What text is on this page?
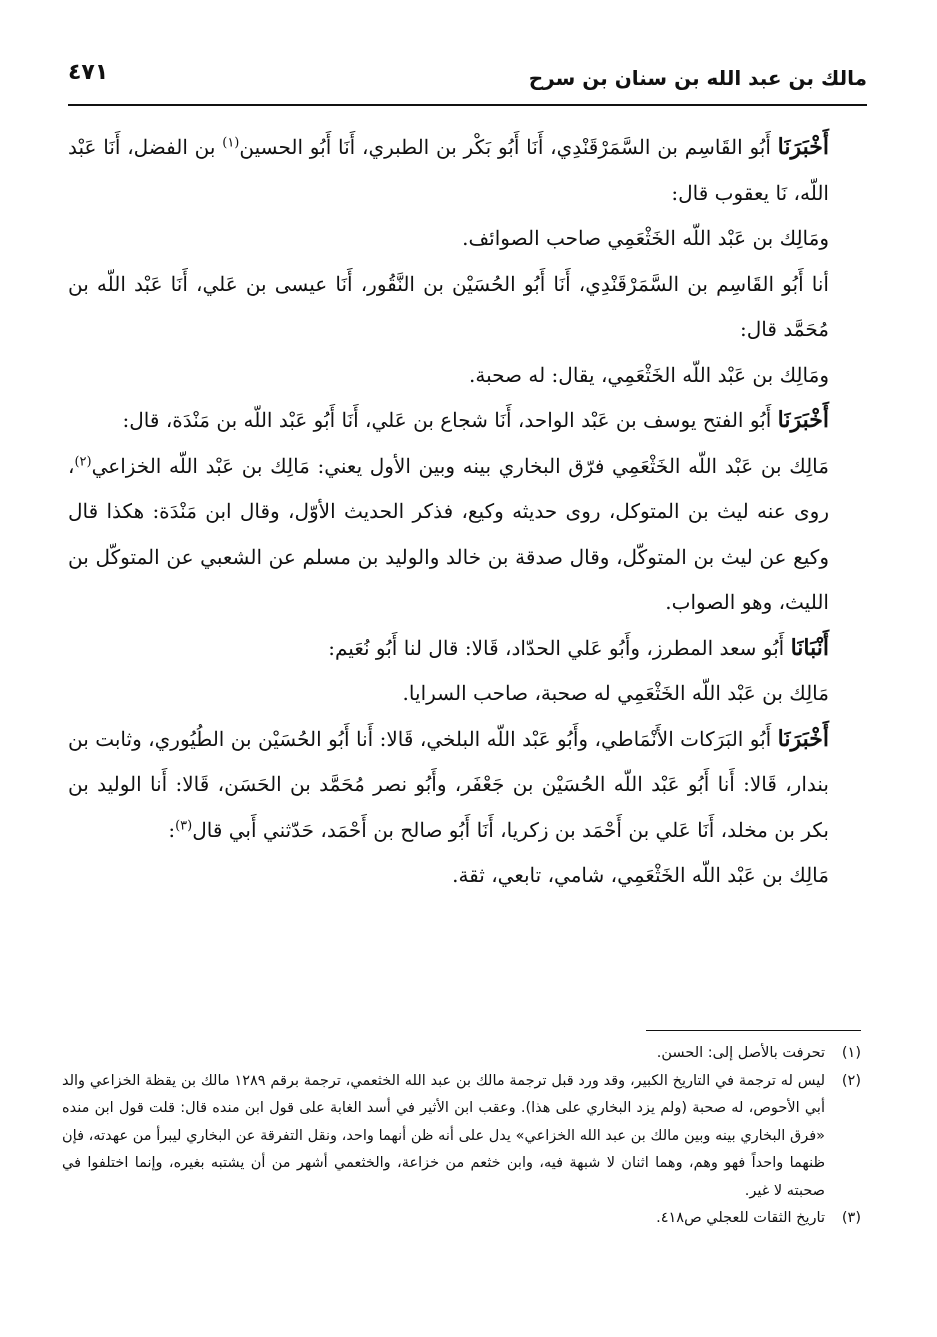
مالك بن عبد الله بن سنان بن سرح
٤٧١

أَخْبَرَنَا أَبُو القَاسِم بن السَّمَرْقَنْدِي، أَنَا أَبُو بَكْر بن الطبري، أَنَا أَبُو الحسين$^{(١)}$ بن الفضل، أَنَا عَبْد اللّه، نَا يعقوب قال:

ومَالِك بن عَبْد اللّه الخَثْعَمِي صاحب الصوائف.

أنا أَبُو القَاسِم بن السَّمَرْقَنْدِي، أَنَا أَبُو الحُسَيْن بن النَّقُور، أَنَا عيسى بن عَلي، أَنَا عَبْد اللّه بن مُحَمَّد قال:

ومَالِك بن عَبْد اللّه الخَثْعَمِي، يقال: له صحبة.

أَخْبَرَنَا أَبُو الفتح يوسف بن عَبْد الواحد، أَنَا شجاع بن عَلي، أَنَا أَبُو عَبْد اللّه بن مَنْدَة، قال:

مَالِك بن عَبْد اللّه الخَثْعَمِي فرّق البخاري بينه وبين الأول يعني: مَالِك بن عَبْد اللّه الخزاعي$^{(٢)}$، روى عنه ليث بن المتوكل، روى حديثه وكيع، فذكر الحديث الأوّل، وقال ابن مَنْدَة: هكذا قال وكيع عن ليث بن المتوكّل، وقال صدقة بن خالد والوليد بن مسلم عن الشعبي عن المتوكّل بن الليث، وهو الصواب.

أَنْبَانَا أَبُو سعد المطرز، وأَبُو عَلي الحدّاد، قَالا: قال لنا أَبُو نُعَيم:

مَالِك بن عَبْد اللّه الخَثْعَمِي له صحبة، صاحب السرايا.

أَخْبَرَنَا أَبُو البَرَكات الأَنْمَاطي، وأَبُو عَبْد اللّه البلخي، قَالا: أَنا أَبُو الحُسَيْن بن الطُيُوري، وثابت بن بندار، قَالا: أَنا أَبُو عَبْد اللّه الحُسَيْن بن جَعْفَر، وأَبُو نصر مُحَمَّد بن الحَسَن، قَالا: أَنا الوليد بن بكر بن مخلد، أَنَا عَلي بن أَحْمَد بن زكريا، أَنَا أَبُو صالح بن أَحْمَد، حَدّثني أَبي قال$^{(٣)}$:

مَالِك بن عَبْد اللّه الخَثْعَمِي، شامي، تابعي، ثقة.

(١)
تحرفت بالأصل إلى: الحسن.
(٢)
ليس له ترجمة في التاريخ الكبير، وقد ورد قبل ترجمة مالك بن عبد الله الخثعمي، ترجمة برقم ١٢٨٩ مالك بن يقظة الخزاعي والد أبي الأحوص، له صحبة (ولم يزد البخاري على هذا). وعقب ابن الأثير في أسد الغابة على قول ابن منده قال: قلت قول ابن منده «فرق البخاري بينه وبين مالك بن عبد الله الخزاعي» يدل على أنه ظن أنهما واحد، ونقل التفرقة عن البخاري ليبرأ من عهدته، فإن ظنهما واحداً فهو وهم، وهما اثنان لا شبهة فيه، وابن خثعم من خزاعة، والخثعمي أشهر من أن يشتبه بغيره، وإنما اختلفوا في صحبته لا غير.
(٣)
تاريخ الثقات للعجلي ص٤١٨.
